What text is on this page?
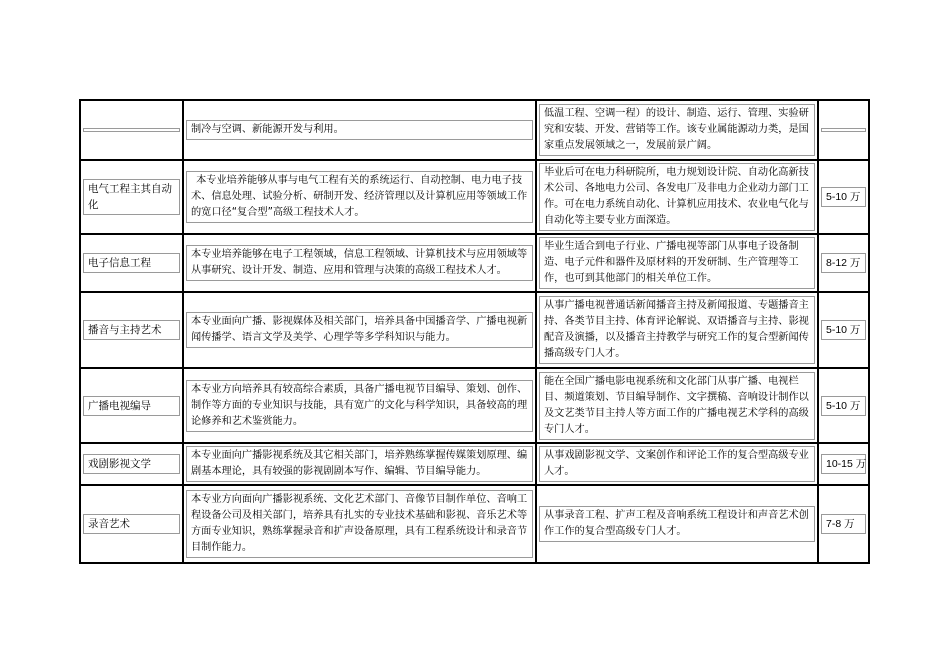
	制冷与空调、新能源开发与利用。	低温工程、空调一程）的设计、制造、运行、管理、实验研究和安装、开发、营销等工作。该专业属能源动力类，是国家重点发展领域之一，发展前景广阔。	

电气工程主其自动化	本专业培养能够从事与电气工程有关的系统运行、自动控制、电力电子技术、信息处理、试验分析、研制开发、经济管理以及计算机应用等领域工作的宽口径“复合型”高级工程技术人才。	毕业后可在电力科研院所，电力规划设计院、自动化高新技术公司、各地电力公司、各发电厂及非电力企业动力部门工作。可在电力系统自动化、计算机应用技术、农业电气化与自动化等主要专业方面深造。	5-10 万

电子信息工程	本专业培养能够在电子工程领域，信息工程领域、计算机技术与应用领域等从事研究、设计开发、制造、应用和管理与决策的高级工程技术人才。	毕业生适合到电子行业、广播电视等部门从事电子设备制造、电子元件和器件及原材料的开发研制、生产管理等工作，也可到其他部门的相关单位工作。	8-12 万

播音与主持艺术	本专业面向广播、影视媒体及相关部门，培养具备中国播音学、广播电视新闻传播学、语言文学及美学、心理学等多学科知识与能力。	从事广播电视普通话新闻播音主持及新闻报道、专题播音主持、各类节目主持、体育评论解说、双语播音与主持、影视配音及演播，以及播音主持教学与研究工作的复合型新闻传播高级专门人才。	5-10 万

广播电视编导	本专业方向培养具有较高综合素质，具备广播电视节目编导、策划、创作、制作等方面的专业知识与技能，具有宽广的文化与科学知识，具备较高的理论修养和艺术鉴赏能力。	能在全国广播电影电视系统和文化部门从事广播、电视栏目、频道策划、节目编导制作、文字撰稿、音响设计制作以及文艺类节目主持人等方面工作的广播电视艺术学科的高级专门人才。	5-10 万

戏剧影视文学	本专业面向广播影视系统及其它相关部门，培养熟练掌握传媒策划原理、编剧基本理论，具有较强的影视剧剧本写作、编辑、节目编导能力。	从事戏剧影视文学、文案创作和评论工作的复合型高级专业人才。	10-15 万

录音艺术	本专业方向面向广播影视系统、文化艺术部门、音像节目制作单位、音响工程设备公司及相关部门，培养具有扎实的专业技术基础和影视、音乐艺术等方面专业知识，熟练掌握录音和扩声设备原理，具有工程系统设计和录音节目制作能力。	从事录音工程、扩声工程及音响系统工程设计和声音艺术创作工作的复合型高级专门人才。	7-8 万
